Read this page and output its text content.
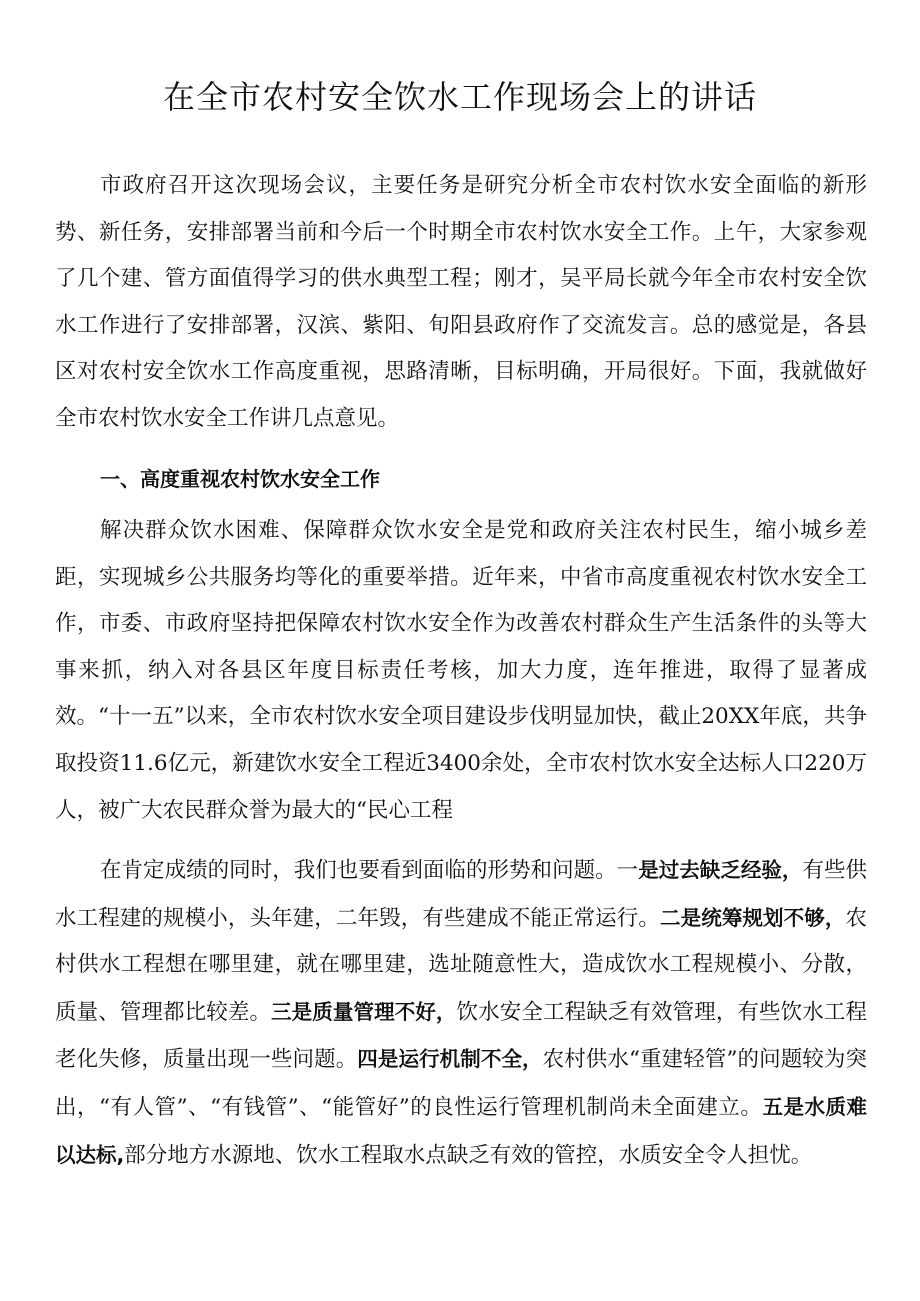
在全市农村安全饮水工作现场会上的讲话

市政府召开这次现场会议，主要任务是研究分析全市农村饮水安全面临的新形势、新任务，安排部署当前和今后一个时期全市农村饮水安全工作。上午，大家参观了几个建、管方面值得学习的供水典型工程；刚才，吴平局长就今年全市农村安全饮水工作进行了安排部署，汉滨、紫阳、旬阳县政府作了交流发言。总的感觉是，各县区对农村安全饮水工作高度重视，思路清晰，目标明确，开局很好。下面，我就做好全市农村饮水安全工作讲几点意见。

一、高度重视农村饮水安全工作

解决群众饮水困难、保障群众饮水安全是党和政府关注农村民生，缩小城乡差距，实现城乡公共服务均等化的重要举措。近年来，中省市高度重视农村饮水安全工作，市委、市政府坚持把保障农村饮水安全作为改善农村群众生产生活条件的头等大事来抓，纳入对各县区年度目标责任考核，加大力度，连年推进，取得了显著成效。“十一五”以来，全市农村饮水安全项目建设步伐明显加快，截止20XX年底，共争取投资11.6亿元，新建饮水安全工程近3400余处，全市农村饮水安全达标人口220万人，被广大农民群众誉为最大的“民心工程

在肯定成绩的同时，我们也要看到面临的形势和问题。一是过去缺乏经验，有些供水工程建的规模小，头年建，二年毁，有些建成不能正常运行。二是统筹规划不够，农村供水工程想在哪里建，就在哪里建，选址随意性大，造成饮水工程规模小、分散，质量、管理都比较差。三是质量管理不好，饮水安全工程缺乏有效管理，有些饮水工程老化失修，质量出现一些问题。四是运行机制不全，农村供水“重建轻管”的问题较为突出，“有人管”、“有钱管”、“能管好”的良性运行管理机制尚未全面建立。五是水质难以达标,部分地方水源地、饮水工程取水点缺乏有效的管控，水质安全令人担忧。
